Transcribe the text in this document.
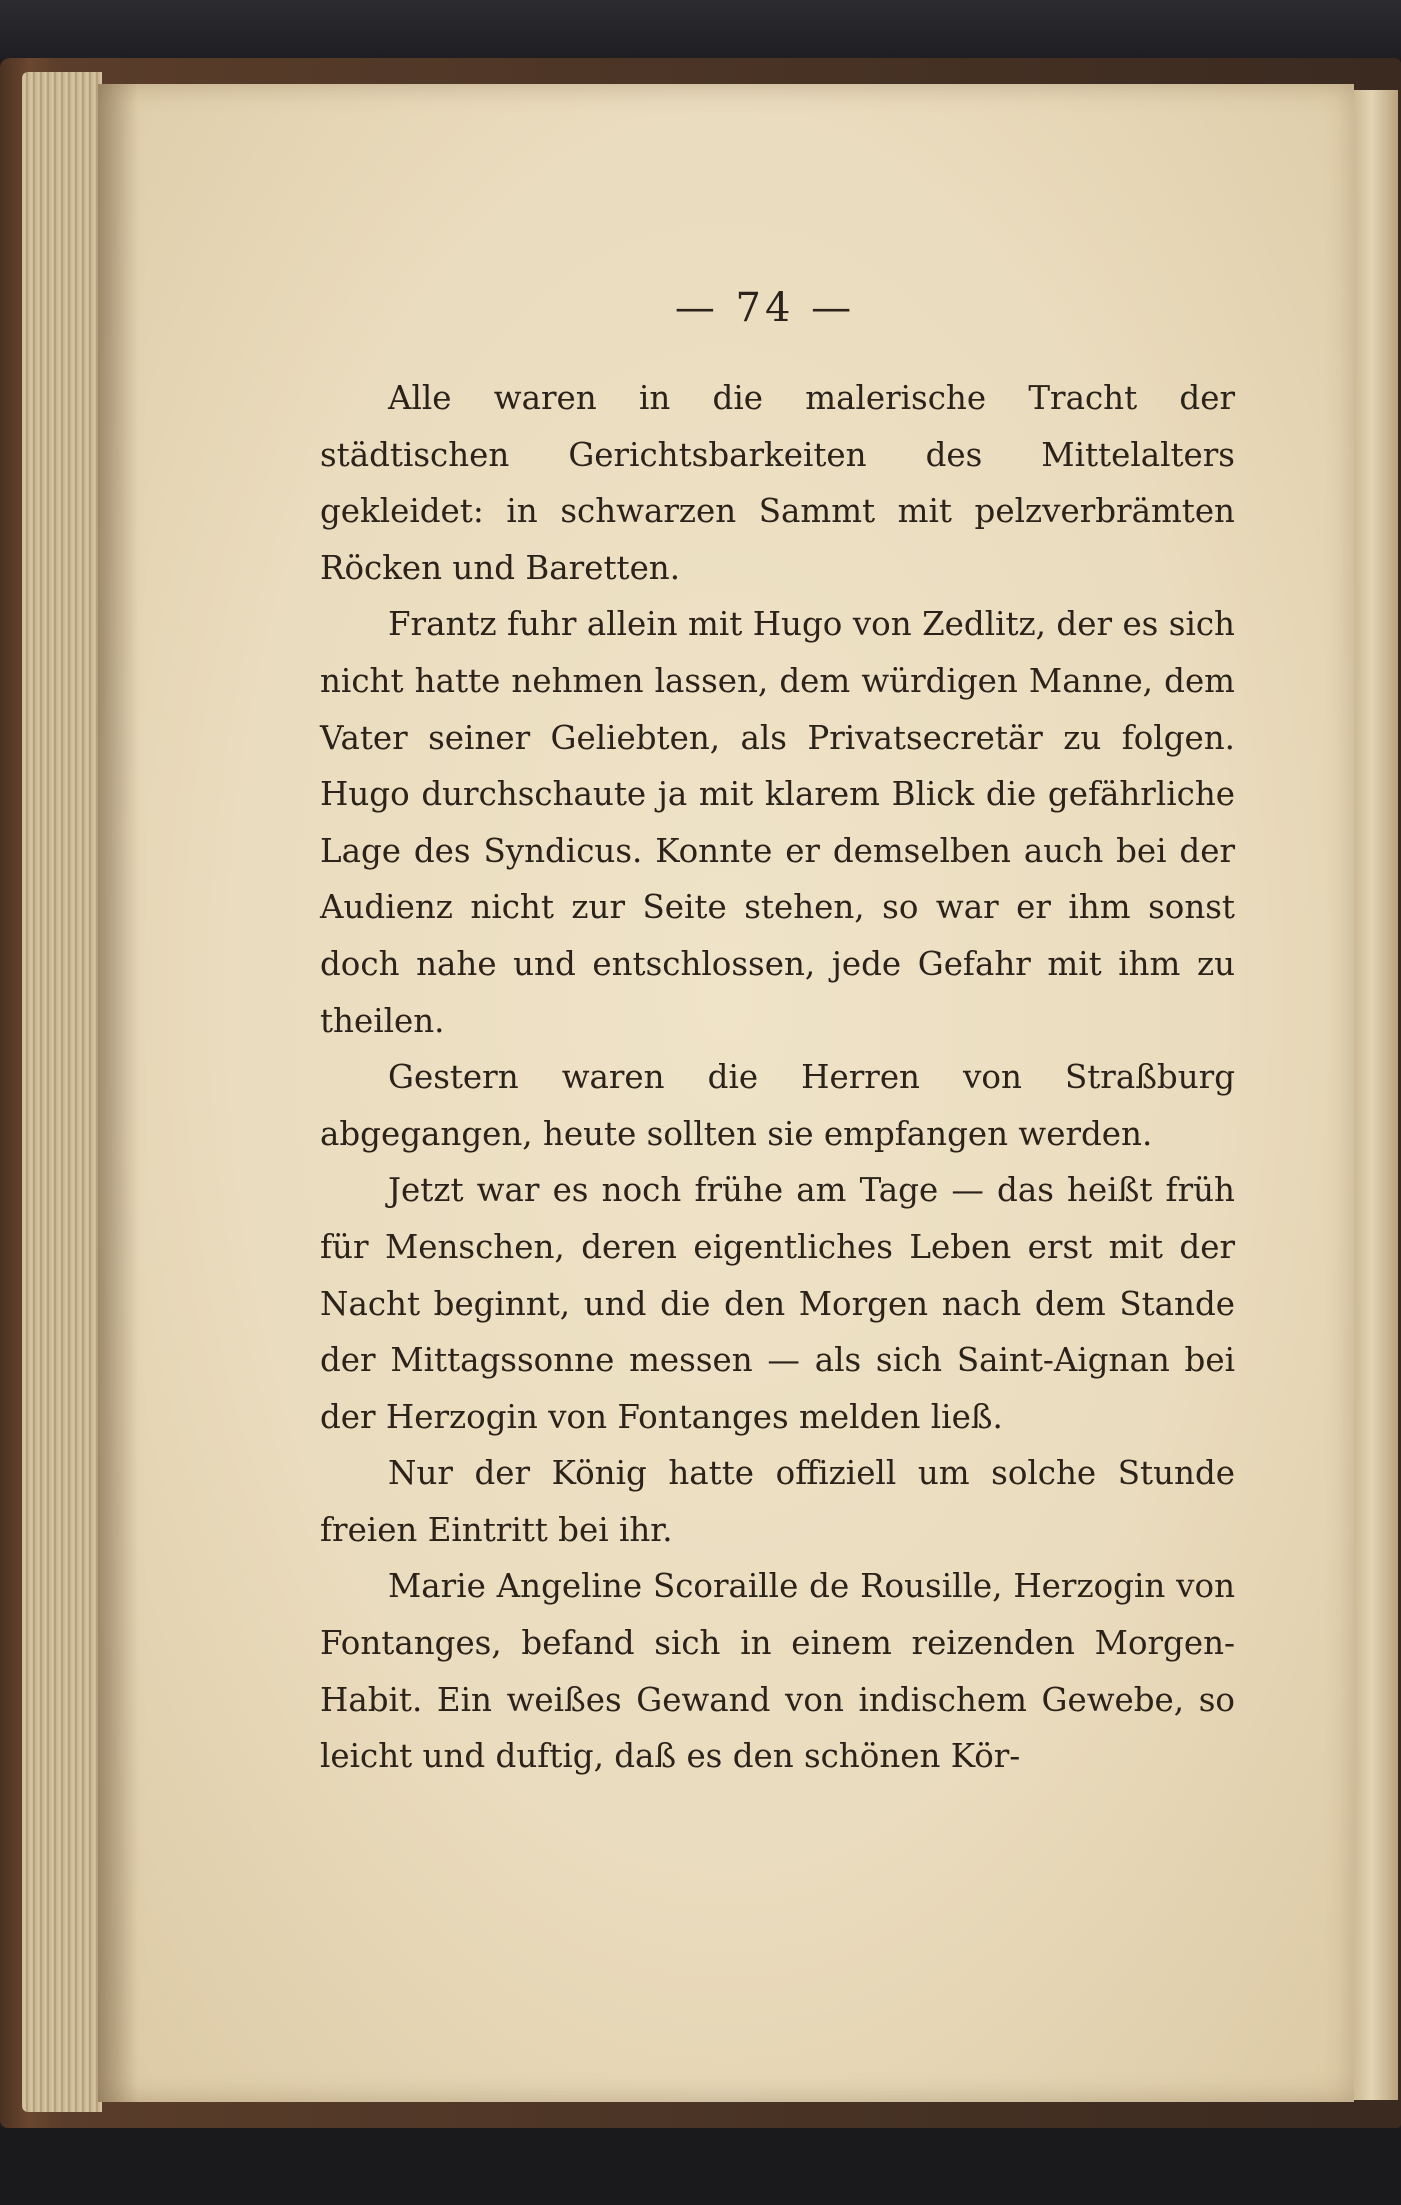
— 74 —

Alle waren in die malerische Tracht der städtischen Gerichtsbarkeiten des Mittelalters gekleidet: in schwarzen Sammt mit pelzverbrämten Röcken und Baretten.

Frantz fuhr allein mit Hugo von Zedlitz, der es sich nicht hatte nehmen lassen, dem würdigen Manne, dem Vater seiner Geliebten, als Privatsecretär zu folgen. Hugo durchschaute ja mit klarem Blick die gefährliche Lage des Syndicus. Konnte er demselben auch bei der Audienz nicht zur Seite stehen, so war er ihm sonst doch nahe und entschlossen, jede Gefahr mit ihm zu theilen.

Gestern waren die Herren von Straßburg abgegangen, heute sollten sie empfangen werden.

Jetzt war es noch frühe am Tage — das heißt früh für Menschen, deren eigentliches Leben erst mit der Nacht beginnt, und die den Morgen nach dem Stande der Mittagssonne messen — als sich Saint-Aignan bei der Herzogin von Fontanges melden ließ.

Nur der König hatte offiziell um solche Stunde freien Eintritt bei ihr.

Marie Angeline Scoraille de Rousille, Herzogin von Fontanges, befand sich in einem reizenden Morgen-Habit. Ein weißes Gewand von indischem Gewebe, so leicht und duftig, daß es den schönen Kör-
